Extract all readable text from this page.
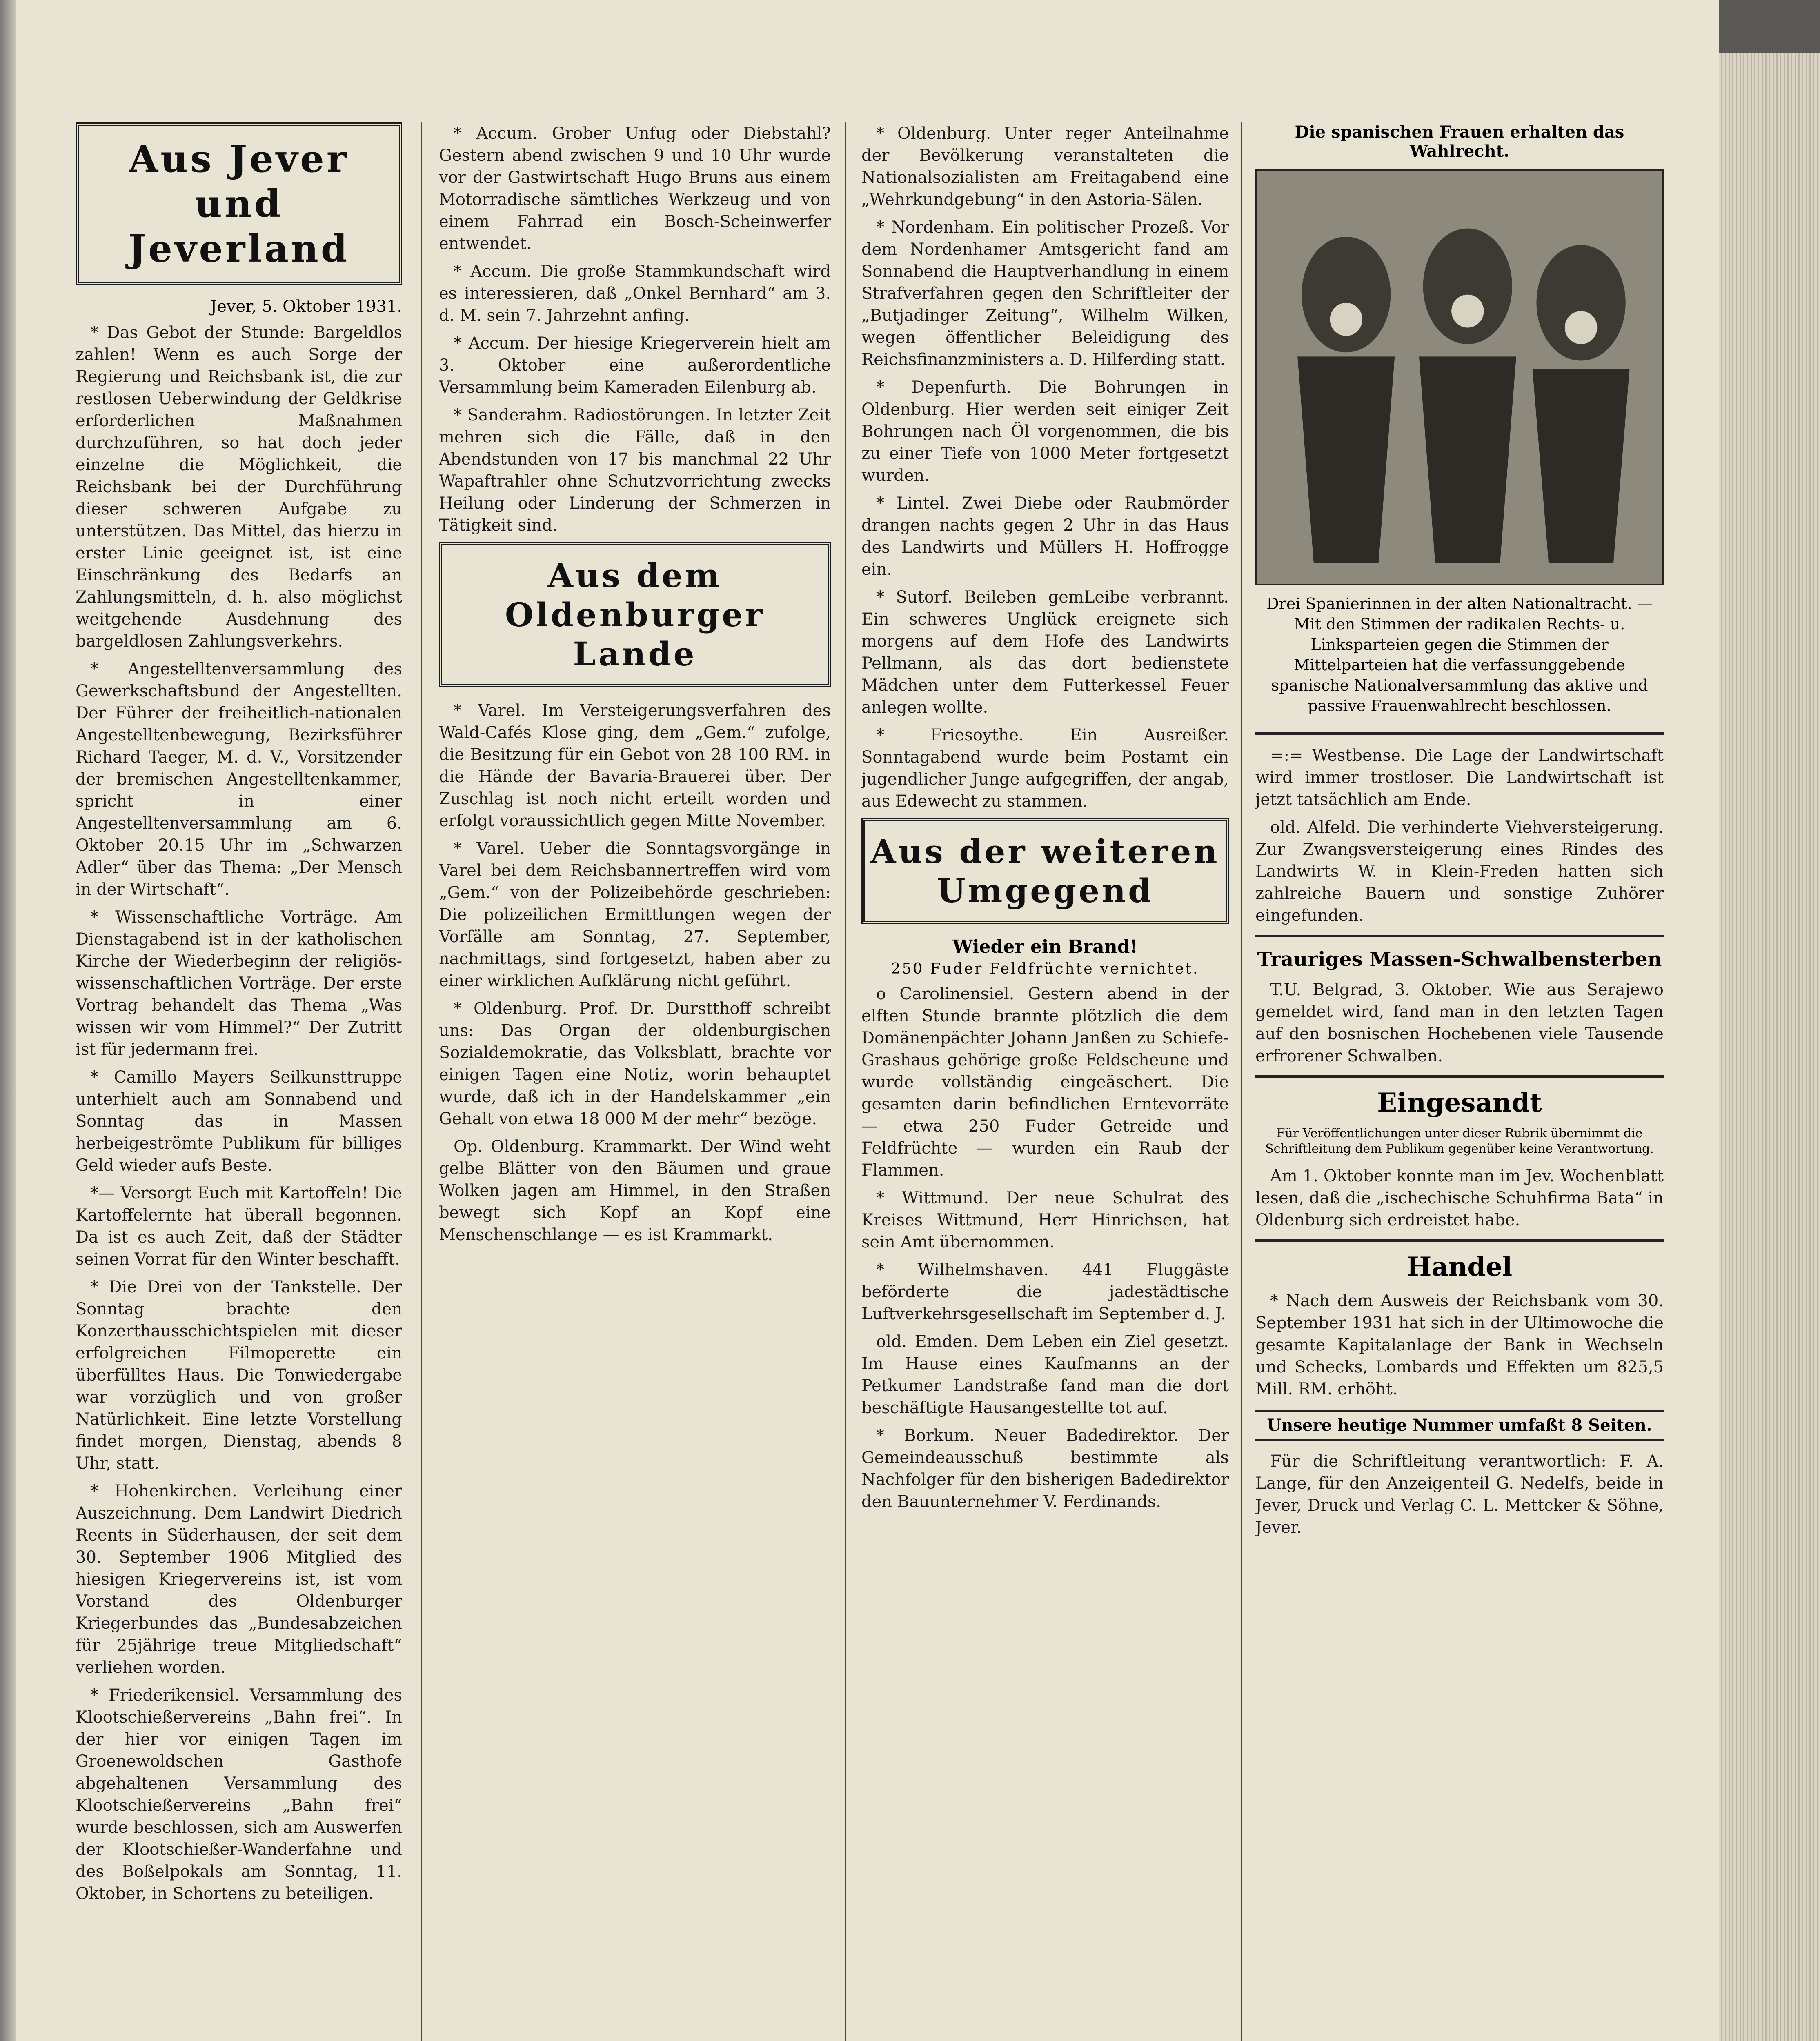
Aus Jever und Jeverland
Jever, 5. Oktober 1931.

* Das Gebot der Stunde: Bargeldlos zahlen! Wenn es auch Sorge der Regierung und Reichsbank ist, die zur restlosen Ueberwindung der Geldkrise erforderlichen Maßnahmen durchzuführen, so hat doch jeder einzelne die Möglichkeit, die Reichsbank bei der Durchführung dieser schweren Aufgabe zu unterstützen. Das Mittel, das hierzu in erster Linie geeignet ist, ist eine Einschränkung des Bedarfs an Zahlungsmitteln, d. h. also möglichst weitgehende Ausdehnung des bargeldlosen Zahlungsverkehrs.

* Angestelltenversammlung des Gewerkschaftsbund der Angestellten. Der Führer der freiheitlich-nationalen Angestelltenbewegung, Bezirksführer Richard Taeger, M. d. V., Vorsitzender der bremischen Angestelltenkammer, spricht in einer Angestelltenversammlung am 6. Oktober 20.15 Uhr im „Schwarzen Adler“ über das Thema: „Der Mensch in der Wirtschaft“.

* Wissenschaftliche Vorträge. Am Dienstagabend ist in der katholischen Kirche der Wiederbeginn der religiös-wissenschaftlichen Vorträge. Der erste Vortrag behandelt das Thema „Was wissen wir vom Himmel?“ Der Zutritt ist für jedermann frei.

* Camillo Mayers Seilkunsttruppe unterhielt auch am Sonnabend und Sonntag das in Massen herbeigeströmte Publikum für billiges Geld wieder aufs Beste.

*— Versorgt Euch mit Kartoffeln! Die Kartoffelernte hat überall begonnen. Da ist es auch Zeit, daß der Städter seinen Vorrat für den Winter beschafft.

* Die Drei von der Tankstelle. Der Sonntag brachte den Konzerthausschichtspielen mit dieser erfolgreichen Filmoperette ein überfülltes Haus. Die Tonwiedergabe war vorzüglich und von großer Natürlichkeit. Eine letzte Vorstellung findet morgen, Dienstag, abends 8 Uhr, statt.

* Hohenkirchen. Verleihung einer Auszeichnung. Dem Landwirt Diedrich Reents in Süderhausen, der seit dem 30. September 1906 Mitglied des hiesigen Kriegervereins ist, ist vom Vorstand des Oldenburger Kriegerbundes das „Bundesabzeichen für 25jährige treue Mitgliedschaft“ verliehen worden.

* Friederikensiel. Versammlung des Klootschießervereins „Bahn frei“. In der hier vor einigen Tagen im Groenewoldschen Gasthofe abgehaltenen Versammlung des Klootschießervereins „Bahn frei“ wurde beschlossen, sich am Auswerfen der Klootschießer-Wanderfahne und des Boßelpokals am Sonntag, 11. Oktober, in Schortens zu beteiligen.

* Accum. Grober Unfug oder Diebstahl? Gestern abend zwischen 9 und 10 Uhr wurde vor der Gastwirtschaft Hugo Bruns aus einem Motorradische sämtliches Werkzeug und von einem Fahrrad ein Bosch-Scheinwerfer entwendet.

* Accum. Die große Stammkundschaft wird es interessieren, daß „Onkel Bernhard“ am 3. d. M. sein 7. Jahrzehnt anfing.

* Accum. Der hiesige Kriegerverein hielt am 3. Oktober eine außerordentliche Versammlung beim Kameraden Eilenburg ab.

* Sanderahm. Radiostörungen. In letzter Zeit mehren sich die Fälle, daß in den Abendstunden von 17 bis manchmal 22 Uhr Wapaftrahler ohne Schutzvorrichtung zwecks Heilung oder Linderung der Schmerzen in Tätigkeit sind.

Aus dem Oldenburger Lande

* Varel. Im Versteigerungsverfahren des Wald-Cafés Klose ging, dem „Gem.“ zufolge, die Besitzung für ein Gebot von 28 100 RM. in die Hände der Bavaria-Brauerei über. Der Zuschlag ist noch nicht erteilt worden und erfolgt voraussichtlich gegen Mitte November.

* Varel. Ueber die Sonntagsvorgänge in Varel bei dem Reichsbannertreffen wird vom „Gem.“ von der Polizeibehörde geschrieben: Die polizeilichen Ermittlungen wegen der Vorfälle am Sonntag, 27. September, nachmittags, sind fortgesetzt, haben aber zu einer wirklichen Aufklärung nicht geführt.

* Oldenburg. Prof. Dr. Durstthoff schreibt uns: Das Organ der oldenburgischen Sozialdemokratie, das Volksblatt, brachte vor einigen Tagen eine Notiz, worin behauptet wurde, daß ich in der Handelskammer „ein Gehalt von etwa 18 000 M der mehr“ bezöge.

Op. Oldenburg. Krammarkt. Der Wind weht gelbe Blätter von den Bäumen und graue Wolken jagen am Himmel, in den Straßen bewegt sich Kopf an Kopf eine Menschenschlange — es ist Krammarkt.

* Oldenburg. Unter reger Anteilnahme der Bevölkerung veranstalteten die Nationalsozialisten am Freitagabend eine „Wehrkundgebung“ in den Astoria-Sälen.

* Nordenham. Ein politischer Prozeß. Vor dem Nordenhamer Amtsgericht fand am Sonnabend die Hauptverhandlung in einem Strafverfahren gegen den Schriftleiter der „Butjadinger Zeitung“, Wilhelm Wilken, wegen öffentlicher Beleidigung des Reichsfinanzministers a. D. Hilferding statt.

* Depenfurth. Die Bohrungen in Oldenburg. Hier werden seit einiger Zeit Bohrungen nach Öl vorgenommen, die bis zu einer Tiefe von 1000 Meter fortgesetzt wurden.

* Lintel. Zwei Diebe oder Raubmörder drangen nachts gegen 2 Uhr in das Haus des Landwirts und Müllers H. Hoffrogge ein.

* Sutorf. Beileben gemLeibe verbrannt. Ein schweres Unglück ereignete sich morgens auf dem Hofe des Landwirts Pellmann, als das dort bedienstete Mädchen unter dem Futterkessel Feuer anlegen wollte.

* Friesoythe. Ein Ausreißer. Sonntagabend wurde beim Postamt ein jugendlicher Junge aufgegriffen, der angab, aus Edewecht zu stammen.

Aus der weiteren Umgegend
Wieder ein Brand!
250 Fuder Feldfrüchte vernichtet.

o Carolinensiel. Gestern abend in der elften Stunde brannte plötzlich die dem Domänenpächter Johann Janßen zu Schiefe-Grashaus gehörige große Feldscheune und wurde vollständig eingeäschert. Die gesamten darin befindlichen Erntevorräte — etwa 250 Fuder Getreide und Feldfrüchte — wurden ein Raub der Flammen.

* Wittmund. Der neue Schulrat des Kreises Wittmund, Herr Hinrichsen, hat sein Amt übernommen.

* Wilhelmshaven. 441 Fluggäste beförderte die jadestädtische Luftverkehrsgesellschaft im September d. J.

old. Emden. Dem Leben ein Ziel gesetzt. Im Hause eines Kaufmanns an der Petkumer Landstraße fand man die dort beschäftigte Hausangestellte tot auf.

* Borkum. Neuer Badedirektor. Der Gemeindeausschuß bestimmte als Nachfolger für den bisherigen Badedirektor den Bauunternehmer V. Ferdinands.

Die spanischen Frauen erhalten das Wahlrecht.
Drei Spanierinnen in der alten Nationaltracht. — Mit den Stimmen der radikalen Rechts- u. Linksparteien gegen die Stimmen der Mittelparteien hat die verfassunggebende spanische Nationalversammlung das aktive und passive Frauenwahlrecht beschlossen.

=:= Westbense. Die Lage der Landwirtschaft wird immer trostloser. Die Landwirtschaft ist jetzt tatsächlich am Ende.

old. Alfeld. Die verhinderte Viehversteigerung. Zur Zwangsversteigerung eines Rindes des Landwirts W. in Klein-Freden hatten sich zahlreiche Bauern und sonstige Zuhörer eingefunden.

Trauriges Massen-Schwalbensterben

T.U. Belgrad, 3. Oktober. Wie aus Serajewo gemeldet wird, fand man in den letzten Tagen auf den bosnischen Hochebenen viele Tausende erfrorener Schwalben.

Eingesandt
Für Veröffentlichungen unter dieser Rubrik übernimmt die Schriftleitung dem Publikum gegenüber keine Verantwortung.

Am 1. Oktober konnte man im Jev. Wochenblatt lesen, daß die „ischechische Schuhfirma Bata“ in Oldenburg sich erdreistet habe.

Handel

* Nach dem Ausweis der Reichsbank vom 30. September 1931 hat sich in der Ultimowoche die gesamte Kapitalanlage der Bank in Wechseln und Schecks, Lombards und Effekten um 825,5 Mill. RM. erhöht.

Unsere heutige Nummer umfaßt 8 Seiten.

Für die Schriftleitung verantwortlich: F. A. Lange, für den Anzeigenteil G. Nedelfs, beide in Jever, Druck und Verlag C. L. Mettcker & Söhne, Jever.
